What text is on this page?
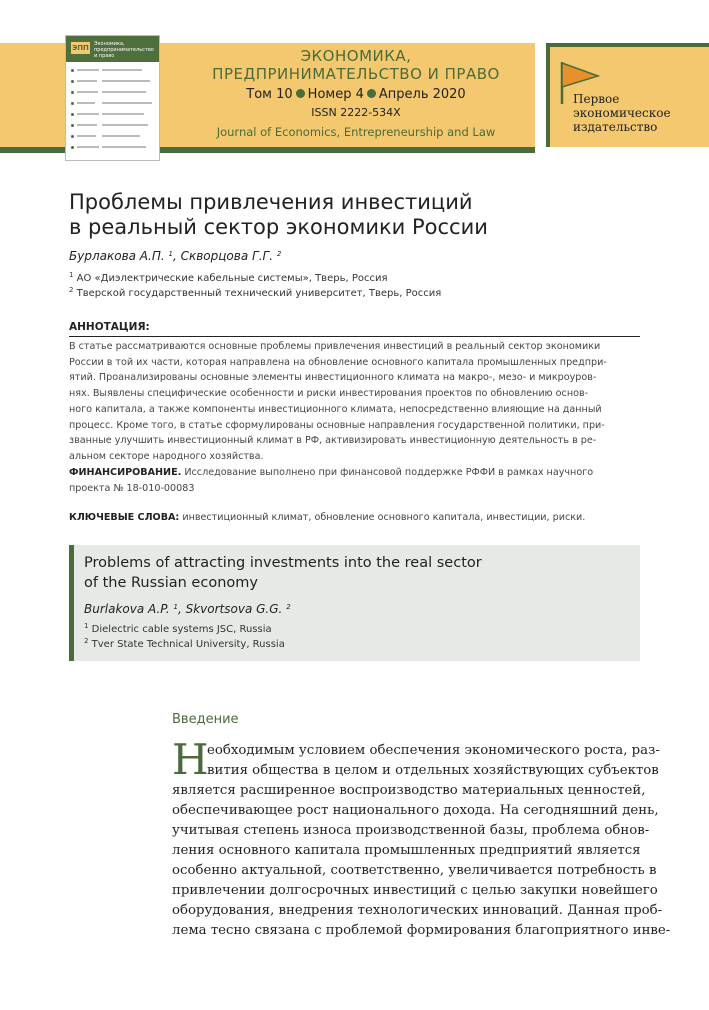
ЭПП Экономика, предпринимательство и право	ЭКОНОМИКА,
ПРЕДПРИНИМАТЕЛЬСТВО И ПРАВО
Том 10 Номер 4 Апрель 2020
ISSN 2222-534X
Journal of Economics, Entrepreneurship and Law
Первое
экономическое
издательство
Проблемы привлечения инвестиций
в реальный сектор экономики России
Бурлакова А.П. $^1$, Скворцова Г.Г. $^2$
$^1$ АО «Диэлектрические кабельные системы», Тверь, Россия
$^2$ Тверской государственный технический университет, Тверь, Россия
АННОТАЦИЯ:
В статье рассматриваются основные проблемы привлечения инвестиций в реальный сектор экономики
России в той их части, которая направлена на обновление основного капитала промышленных предпри-
ятий. Проанализированы основные элементы инвестиционного климата на макро-, мезо- и микроуров-
нях. Выявлены специфические особенности и риски инвестирования проектов по обновлению основ-
ного капитала, а также компоненты инвестиционного климата, непосредственно влияющие на данный
процесс. Кроме того, в статье сформулированы основные направления государственной политики, при-
званные улучшить инвестиционный климат в РФ, активизировать инвестиционную деятельность в ре-
альном секторе народного хозяйства.
ФИНАНСИРОВАНИЕ. Исследование выполнено при финансовой поддержке РФФИ в рамках научного
проекта № 18-010-00083
КЛЮЧЕВЫЕ СЛОВА: инвестиционный климат, обновление основного капитала, инвестиции, риски.
Problems of attracting investments into the real sector
of the Russian economy
Burlakova A.P. $^1$, Skvortsova G.G. $^2$
$^1$ Dielectric cable systems JSC, Russia
$^2$ Tver State Technical University, Russia
Введение
Н
еобходимым условием обеспечения экономического роста, раз-
вития общества в целом и отдельных хозяйствующих субъектов
является расширенное воспроизводство материальных ценностей,
обеспечивающее рост национального дохода. На сегодняшний день,
учитывая степень износа производственной базы, проблема обнов-
ления основного капитала промышленных предприятий является
особенно актуальной, соответственно, увеличивается потребность в
привлечении долгосрочных инвестиций с целью закупки новейшего
оборудования, внедрения технологических инноваций. Данная проб-
лема тесно связана с проблемой формирования благоприятного инве-
